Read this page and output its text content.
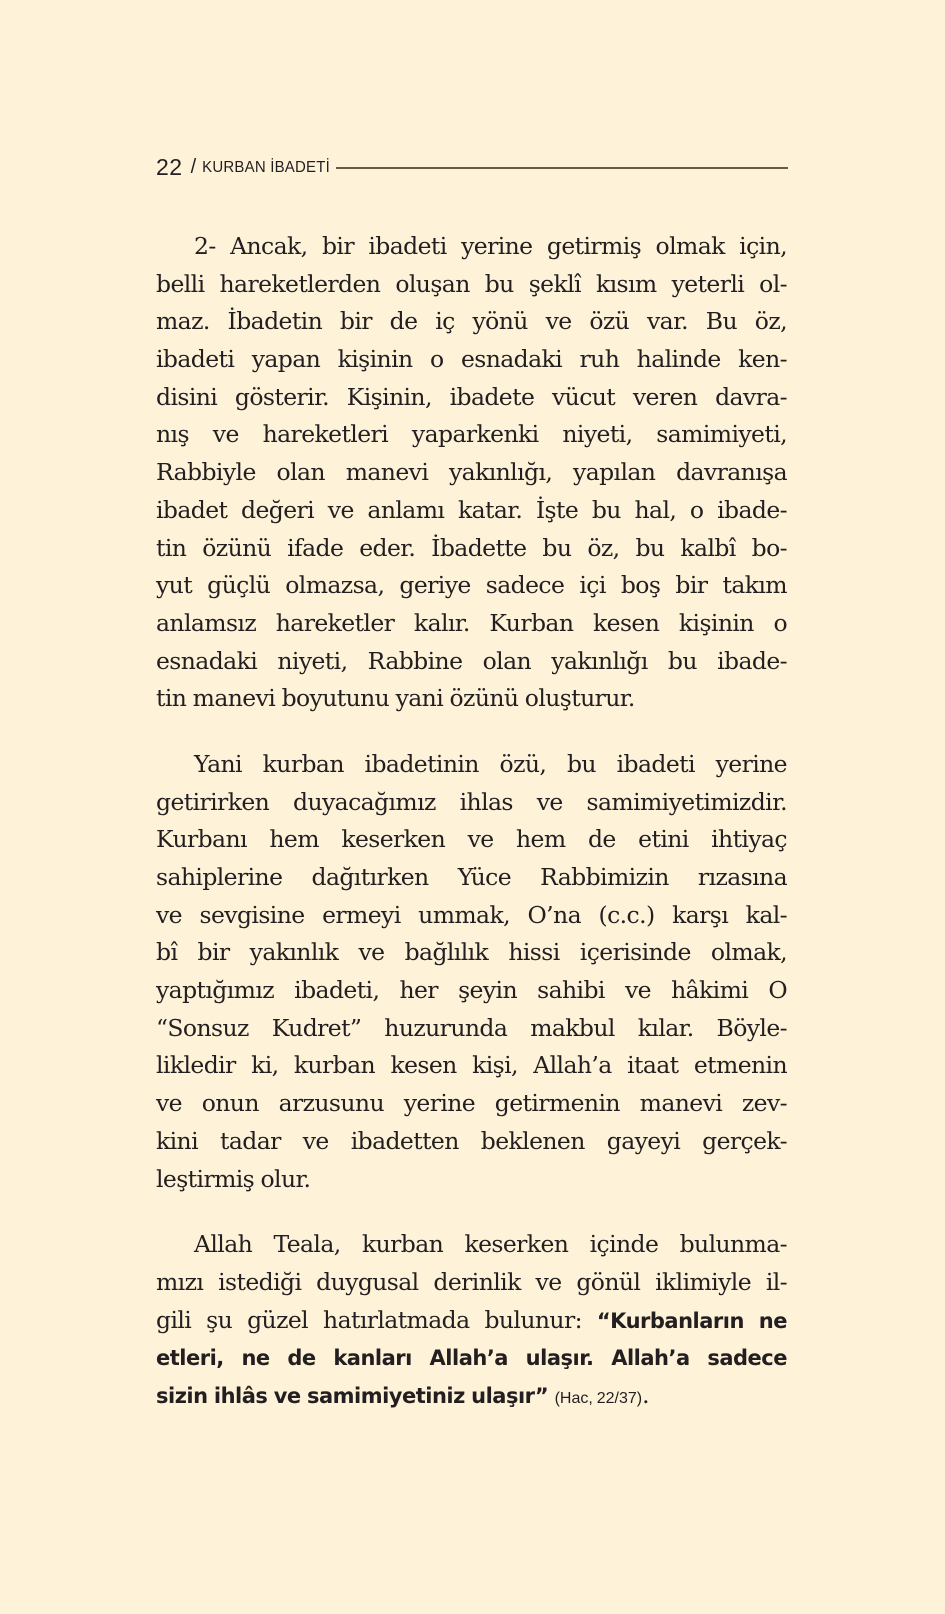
22 / KURBAN İBADETİ
2- Ancak, bir ibadeti yerine getirmiş olmak için,
belli hareketlerden oluşan bu şeklî kısım yeterli ol-
maz. İbadetin bir de iç yönü ve özü var. Bu öz,
ibadeti yapan kişinin o esnadaki ruh halinde ken-
disini gösterir. Kişinin, ibadete vücut veren davra-
nış ve hareketleri yaparkenki niyeti, samimiyeti,
Rabbiyle olan manevi yakınlığı, yapılan davranışa
ibadet değeri ve anlamı katar. İşte bu hal, o ibade-
tin özünü ifade eder. İbadette bu öz, bu kalbî bo-
yut güçlü olmazsa, geriye sadece içi boş bir takım
anlamsız hareketler kalır. Kurban kesen kişinin o
esnadaki niyeti, Rabbine olan yakınlığı bu ibade-
tin manevi boyutunu yani özünü oluşturur.
Yani kurban ibadetinin özü, bu ibadeti yerine
getirirken duyacağımız ihlas ve samimiyetimizdir.
Kurbanı hem keserken ve hem de etini ihtiyaç
sahiplerine dağıtırken Yüce Rabbimizin rızasına
ve sevgisine ermeyi ummak, O’na (c.c.) karşı kal-
bî bir yakınlık ve bağlılık hissi içerisinde olmak,
yaptığımız ibadeti, her şeyin sahibi ve hâkimi O
“Sonsuz Kudret” huzurunda makbul kılar. Böyle-
likledir ki, kurban kesen kişi, Allah’a itaat etmenin
ve onun arzusunu yerine getirmenin manevi zev-
kini tadar ve ibadetten beklenen gayeyi gerçek-
leştirmiş olur.
Allah Teala, kurban keserken içinde bulunma-
mızı istediği duygusal derinlik ve gönül iklimiyle il-
gili şu güzel hatırlatmada bulunur: “Kurbanların ne
etleri, ne de kanları Allah’a ulaşır. Allah’a sadece
sizin ihlâs ve samimiyetiniz ulaşır” (Hac, 22/37).
